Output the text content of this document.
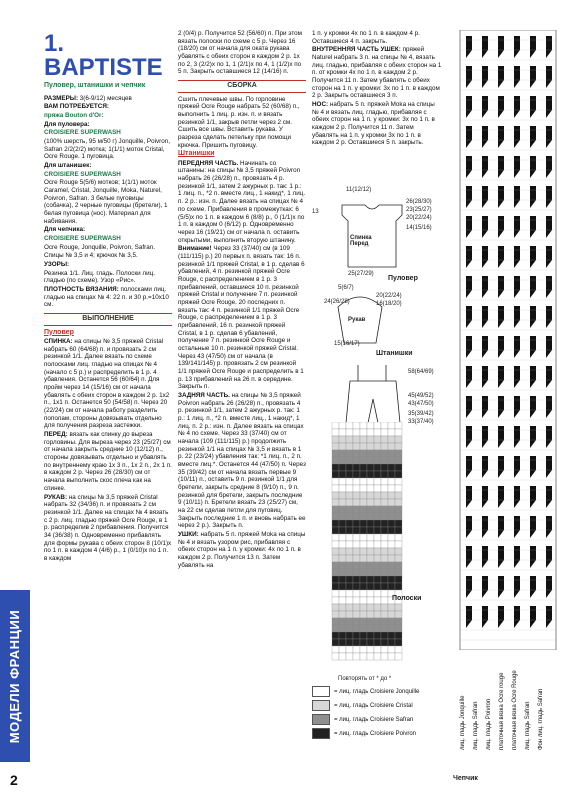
МОДЕЛИ ФРАНЦИИ
2
1. BAPTISTE
Пуловер, штанишки и чепчик

РАЗМЕРЫ: 3(6-9/12) месяцев

ВАМ ПОТРЕБУЕТСЯ:

пряжа Bouton d'Or:

Для пуловера:

CROISIERE SUPERWASH

(100% шерсть, 95 м/50 г) Jonquille, Poivron, Safran 2/2(2/2) мотка; 1(1/1) моток Cristal, Ocre Rouge. 1 пуговица.

Для штанишек:

CROISIERE SUPERWASH

Ocre Rouge 5(5/6) мотков; 1(1/1) моток Caramel, Cristal, Jonquille, Moka, Naturel, Poivron, Safran. 3 белые пуговицы (собачка), 2 черные пуговицы (бретели), 1 белая пуговица (нос). Материал для набивания.

Для чепчика:

CROISIERE SUPERWASH

Ocre Rouge, Jonquille, Poivron, Safran.

Спицы № 3,5 и 4; крючок № 3,5.

УЗОРЫ:

Резинка 1/1. Лиц. гладь. Полоски лиц. гладью (по схеме). Узор «Рис».

ПЛОТНОСТЬ ВЯЗАНИЯ: полосками лиц. гладью на спицах № 4: 22 п. и 30 р.=10х10 см.

ВЫПОЛНЕНИЕ

Пуловер

СПИНКА: на спицы № 3,5 пряжей Cristal набрать 60 (64/68) п. и провязать 2 см резинкой 1/1. Далее вязать по схеме полосками лиц. гладью на спицах № 4 (начало с 5 р.) и распределить в 1 р. 4 убавления. Останется 56 (60/64) п. Для пройм через 14 (15/16) см от начала убавлять с обеих сторон в каждом 2 р. 1х2 п., 1х1 п. Останется 50 (54/58) п. Через 20 (22/24) см от начала работу разделить пополам, стороны довязывать отдельно для получения разреза застежки.

ПЕРЕД: вязать как спинку до выреза горловины. Для выреза через 23 (25/27) см от начала закрыть средние 10 (12/12) п., стороны довязывать отдельно и убавлять по внутреннему краю 1х 3 п., 1х 2 п., 2х 1 п. в каждом 2 р. Через 26 (28/30) см от начала выполнить скос плеча как на спинке.

РУКАВ: на спицы № 3,5 пряжей Cristal набрать 32 (34/36) п. и провязать 2 см резинкой 1/1. Далее на спицах № 4 вязать с 2 р. лиц. гладью пряжей Ocre Rouge, в 1 р. распределив 2 прибавления. Получится 34 (36/38) п. Одновременно прибавлять для формы рукава с обеих сторон 8 (10/1)х по 1 п. в каждом 4 (4/6) р., 1 (0/10)х по 1 п. в каждом

2 (0/4) р. Получится 52 (56/60) п. При этом вязать полоски по схеме с 5 р. Через 16 (18/20) см от начала для оката рукава убавлять с обеих сторон в каждом 2 р. 1х по 2, 3 (2/2)х по 1, 1 (2/1)х по 4, 1 (1/2)х по 5 п. Закрыть оставшиеся 12 (14/16) п.

СБОРКА

Сшить плечевые швы. По горловине пряжей Ocre Rouge набрать 52 (60/68) п., выполнить 1 лиц. р. изн. п. и вязать резинкой 1/1, закрыв петли через 2 см. Сшить все швы. Вставить рукава. У разреза сделать петельку при помощи крючка. Пришить пуговицу.

Штанишки

ПЕРЕДНЯЯ ЧАСТЬ. Начинать со штанины: на спицы № 3,5 пряжей Poivron набрать 26 (26/28) п., провязать 4 р. резинкой 1/1, затем 2 ажурных р. так: 1 р.: 1 лиц. п., *2 п. вместе лиц., 1 накид*, 1 лиц. п. 2 р.: изн. п. Далее вязать на спицах № 4 по схеме. Прибавления в промежутках: 6 (5/5)х по 1 п. в каждом 6 (8/8) р., 0 (1/1)х по 1 п. в каждом 0 (6/12) р. Одновременно через 16 (19/21) см от начала п. оставить открытыми, выполнить вторую штанину.

Внимание! Через 33 (37/40) см (в 109 (111/115) р.) 20 первых п. вязать так: 16 п. резинкой 1/1 пряжей Cristal, в 1 р. сделав 6 убавлений, 4 п. резинкой пряжей Ocre Rouge, с распределением в 1 р. 3 прибавлений, оставшиеся 10 п. резинкой пряжей Cristal и получение 7 п. резинкой пряжей Ocre Rouge. 20 последних п. вязать так: 4 п. резинкой 1/1 пряжей Ocre Rouge, с распределением в 1 р. 3 прибавлений, 16 п. резинкой пряжей Cristal, в 1 р. сделав 6 убавлений, получение 7 п. резинкой Ocre Rouge и остальные 10 п. резинкой пряжей Cristal. Через 43 (47/50) см от начала (в 139/141/145) р. провязать 2 см резинкой 1/1 пряжей Ocre Rouge и распределить в 1 р. 13 прибавлений на 26 п. в середине. Закрыть п.

ЗАДНЯЯ ЧАСТЬ. на спицы № 3,5 пряжей Poivron набрать 26 (26/28) п., провязать 4 р. резинкой 1/1, затем 2 ажурных р. так: 1 р.: 1 лиц. п., *2 п. вместе лиц., 1 накид*, 1 лиц. п. 2 р.: изн. п. Далее вязать на спицах № 4 по схеме. Через 33 (37/40) см от начала (109 (111/115) р.) продолжить резинкой 1/1 на спицах № 3,5 и вязать в 1 р. 22 (23/24) убавления так: *1 лиц. п., 2 п. вместе лиц.*. Останется 44 (47/50) п. Через 35 (39/42) см от начала вязать первые 9 (10/11) п., оставить 9 п. резинкой 1/1 для бретели, закрыть средние 8 (9/10) п., 9 п. резинкой для бретели, закрыть последние 9 (10/11) п. Бретели вязать 23 (25/27) см, на 22 см сделав петли для пуговиц. Закрыть последние 1 п. и вновь набрать ее через 2 р.). Закрыть п.

УШКИ: набрать 5 п. пряжей Моkа на спицы № 4 и вязать узором рис, прибавляя с обеих сторон на 1 п. у кромки: 4х по 1 п. в каждом 2 р. Получится 13 п. Затем убавлять на

1 п. у кромки 4х по 1 п. в каждом 4 р. Оставшиеся 4 п. закрыть.

ВНУТРЕННЯЯ ЧАСТЬ УШЕК: пряжей Naturel набрать 3 п. на спицы № 4, вязать лиц. гладью, прибавляя с обеих сторон на 1 п. от кромки 4х по 1 п. в каждом 2 р. Получится 11 п. Затем убавлять с обеих сторон на 1 п. у кромки: 3х по 1 п. в каждом 2 р. Закрыть оставшиеся 3 п.

НОС: набрать 5 п. пряжей Моkа на спицы № 4 и вязать лиц. гладью, прибавляя с обеих сторон на 1 п. у кромки: 3х по 1 п. в каждом 2 р. Получится 11 п. Затем убавлять на 1 п. у кромки 3х по 1 п. в каждом 2 р. Оставшиеся 5 п. закрыть.

11(12/12)
13
26(28/30)
23(25/27)
20(22/24)
14(15/16)
Спинка
Перед
25(27/29)
Пуловер
5(6/7)
20(22/24)
24(26/28)	16(18/20)
Рукав
15(16/17)
Штанишки
58(64/69)
45(49/52)
43(47/50)
35(39/42)
33(37/40)
Полоски
Повторять от * до *
= лиц. гладь Croisiere Jonquille
= лиц. гладь Croisiere Cristal
= лиц. гладь Croisiere Safran
= лиц. гладь Croisiere Poivron	лиц. гладь Jonquille лиц. гладь Safran лиц. гладь Poivron платочная вязка Ocre rouge платочная вязка Ocre Rouge лиц. гладь Safran Фон лиц. гладь Safran
Чепчик
